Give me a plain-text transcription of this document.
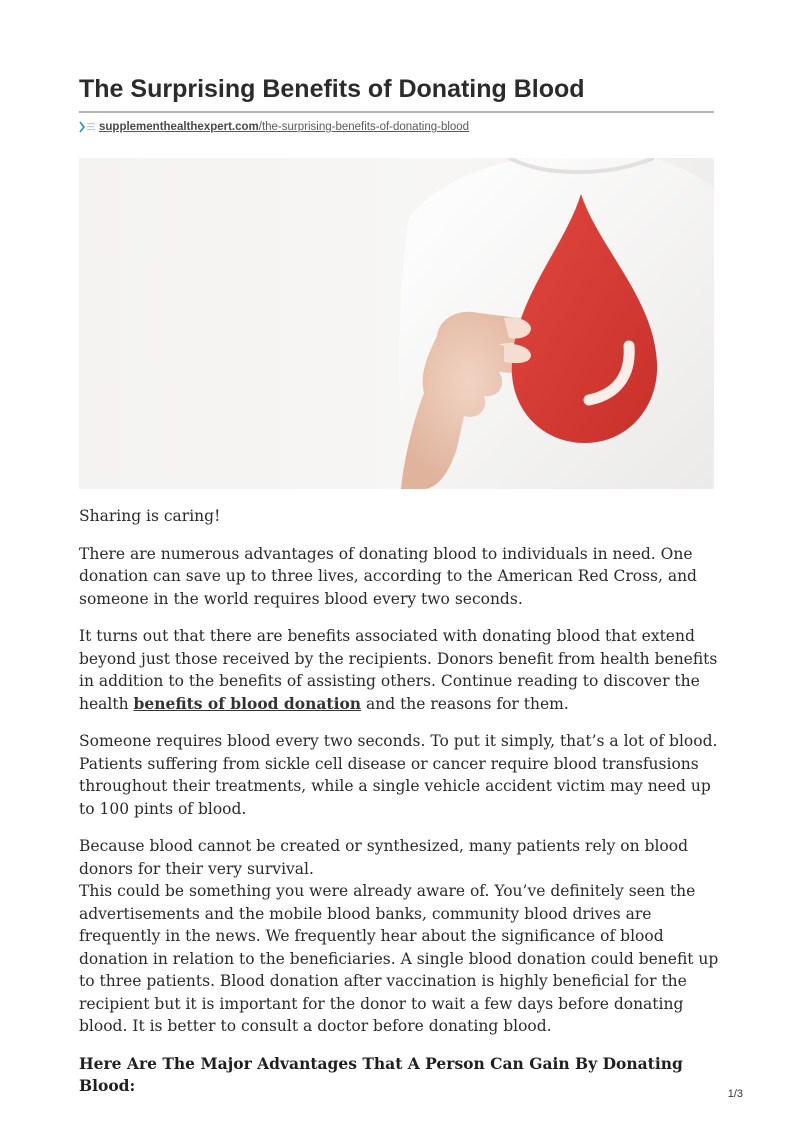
The Surprising Benefits of Donating Blood
supplementhealthexpert.com/the-surprising-benefits-of-donating-blood

Sharing is caring!

There are numerous advantages of donating blood to individuals in need. One donation can save up to three lives, according to the American Red Cross, and someone in the world requires blood every two seconds.

It turns out that there are benefits associated with donating blood that extend beyond just those received by the recipients. Donors benefit from health benefits in addition to the benefits of assisting others. Continue reading to discover the health benefits of blood donation and the reasons for them.

Someone requires blood every two seconds. To put it simply, that’s a lot of blood. Patients suffering from sickle cell disease or cancer require blood transfusions throughout their treatments, while a single vehicle accident victim may need up to 100 pints of blood.

Because blood cannot be created or synthesized, many patients rely on blood donors for their very survival.
This could be something you were already aware of. You’ve definitely seen the advertisements and the mobile blood banks, community blood drives are frequently in the news. We frequently hear about the significance of blood donation in relation to the beneficiaries. A single blood donation could benefit up to three patients. Blood donation after vaccination is highly beneficial for the recipient but it is important for the donor to wait a few days before donating blood. It is better to consult a doctor before donating blood.

Here Are The Major Advantages That A Person Can Gain By Donating Blood:	1/3
